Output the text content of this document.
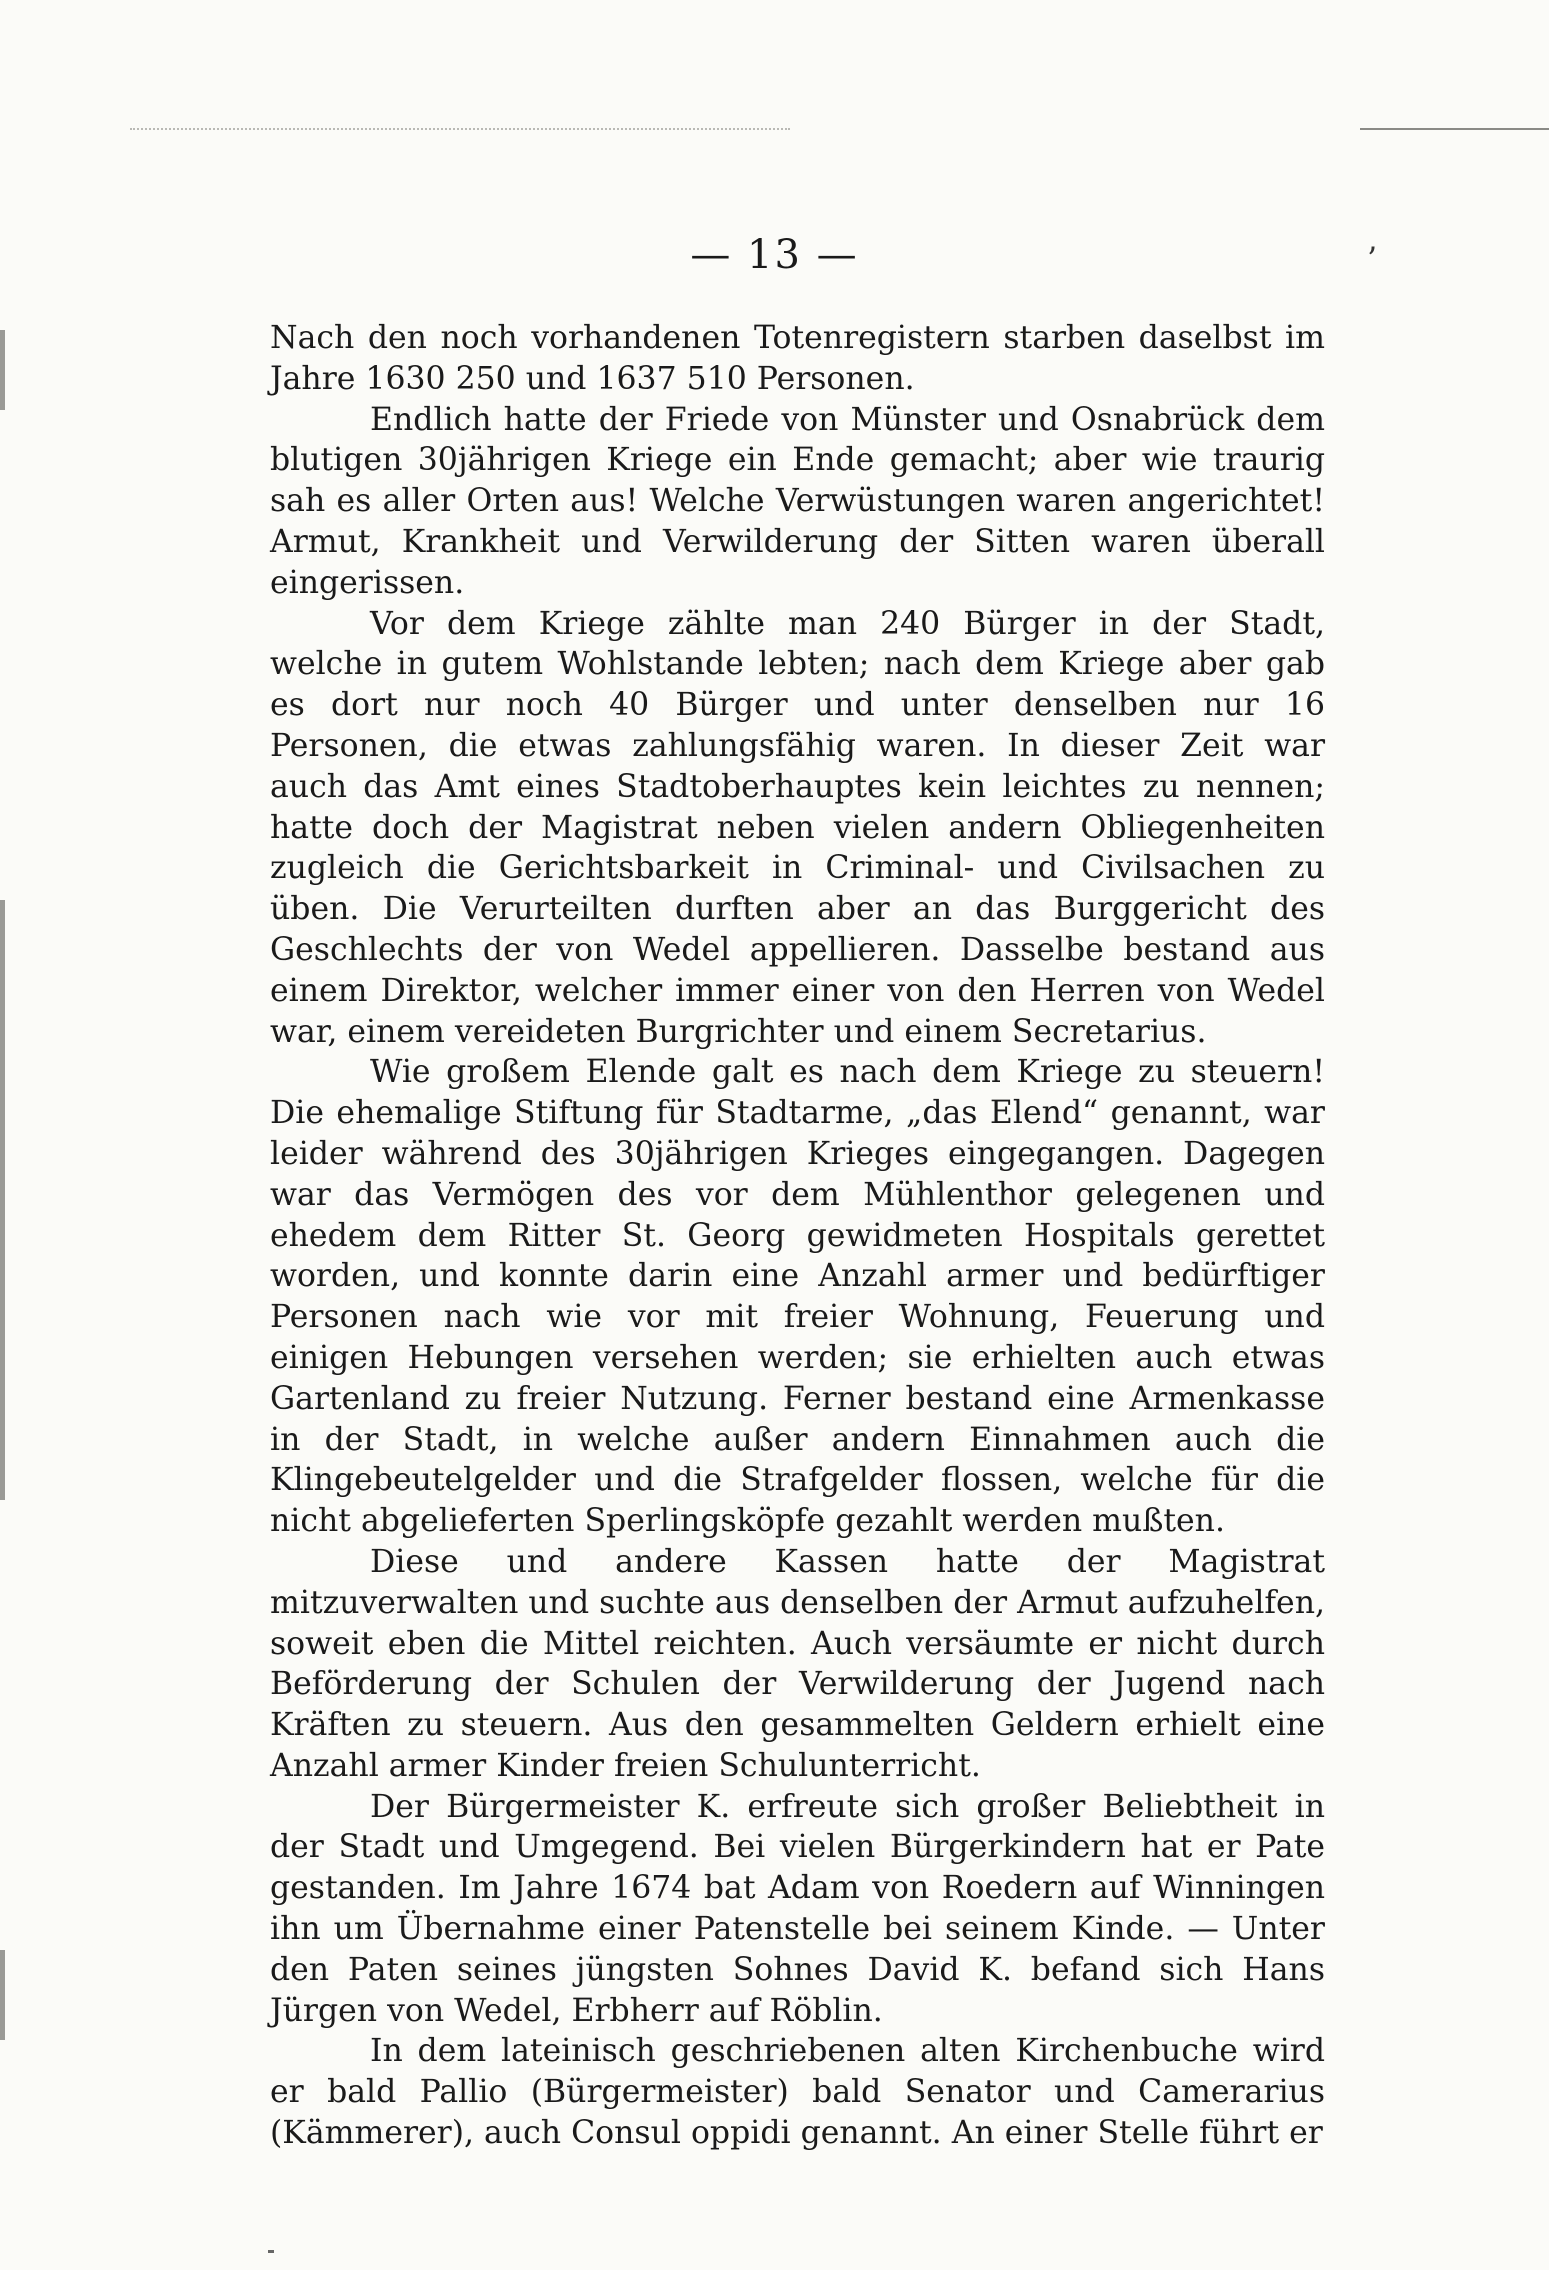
— 13 —	ʼ

Nach den noch vorhandenen Totenregistern starben daselbst im Jahre 1630 250 und 1637 510 Personen.

Endlich hatte der Friede von Münster und Osnabrück dem blutigen 30jährigen Kriege ein Ende gemacht; aber wie traurig sah es aller Orten aus! Welche Verwüstungen waren angerichtet! Armut, Krankheit und Verwilderung der Sitten waren überall eingerissen.

Vor dem Kriege zählte man 240 Bürger in der Stadt, welche in gutem Wohlstande lebten; nach dem Kriege aber gab es dort nur noch 40 Bürger und unter denselben nur 16 Personen, die etwas zahlungsfähig waren. In dieser Zeit war auch das Amt eines Stadtoberhauptes kein leichtes zu nennen; hatte doch der Magistrat neben vielen andern Obliegenheiten zugleich die Gerichtsbarkeit in Criminal- und Civilsachen zu üben. Die Verurteilten durften aber an das Burggericht des Geschlechts der von Wedel appellieren. Dasselbe bestand aus einem Direktor, welcher immer einer von den Herren von Wedel war, einem vereideten Burgrichter und einem Secretarius.

Wie großem Elende galt es nach dem Kriege zu steuern! Die ehemalige Stiftung für Stadtarme, „das Elend“ genannt, war leider während des 30jährigen Krieges eingegangen. Dagegen war das Vermögen des vor dem Mühlenthor gelegenen und ehedem dem Ritter St. Georg gewidmeten Hospitals gerettet worden, und konnte darin eine Anzahl armer und bedürftiger Personen nach wie vor mit freier Wohnung, Feuerung und einigen Hebungen versehen werden; sie erhielten auch etwas Gartenland zu freier Nutzung. Ferner bestand eine Armenkasse in der Stadt, in welche außer andern Einnahmen auch die Klingebeutelgelder und die Strafgelder flossen, welche für die nicht abgelieferten Sperlingsköpfe gezahlt werden mußten.

Diese und andere Kassen hatte der Magistrat mitzuverwalten und suchte aus denselben der Armut aufzuhelfen, soweit eben die Mittel reichten. Auch versäumte er nicht durch Beförderung der Schulen der Verwilderung der Jugend nach Kräften zu steuern. Aus den gesammelten Geldern erhielt eine Anzahl armer Kinder freien Schulunterricht.

Der Bürgermeister K. erfreute sich großer Beliebtheit in der Stadt und Umgegend. Bei vielen Bürgerkindern hat er Pate gestanden. Im Jahre 1674 bat Adam von Roedern auf Winningen ihn um Übernahme einer Patenstelle bei seinem Kinde. — Unter den Paten seines jüngsten Sohnes David K. befand sich Hans Jürgen von Wedel, Erbherr auf Röblin.

In dem lateinisch geschriebenen alten Kirchenbuche wird er bald Pallio (Bürgermeister) bald Senator und Camerarius (Kämmerer), auch Consul oppidi genannt. An einer Stelle führt er
